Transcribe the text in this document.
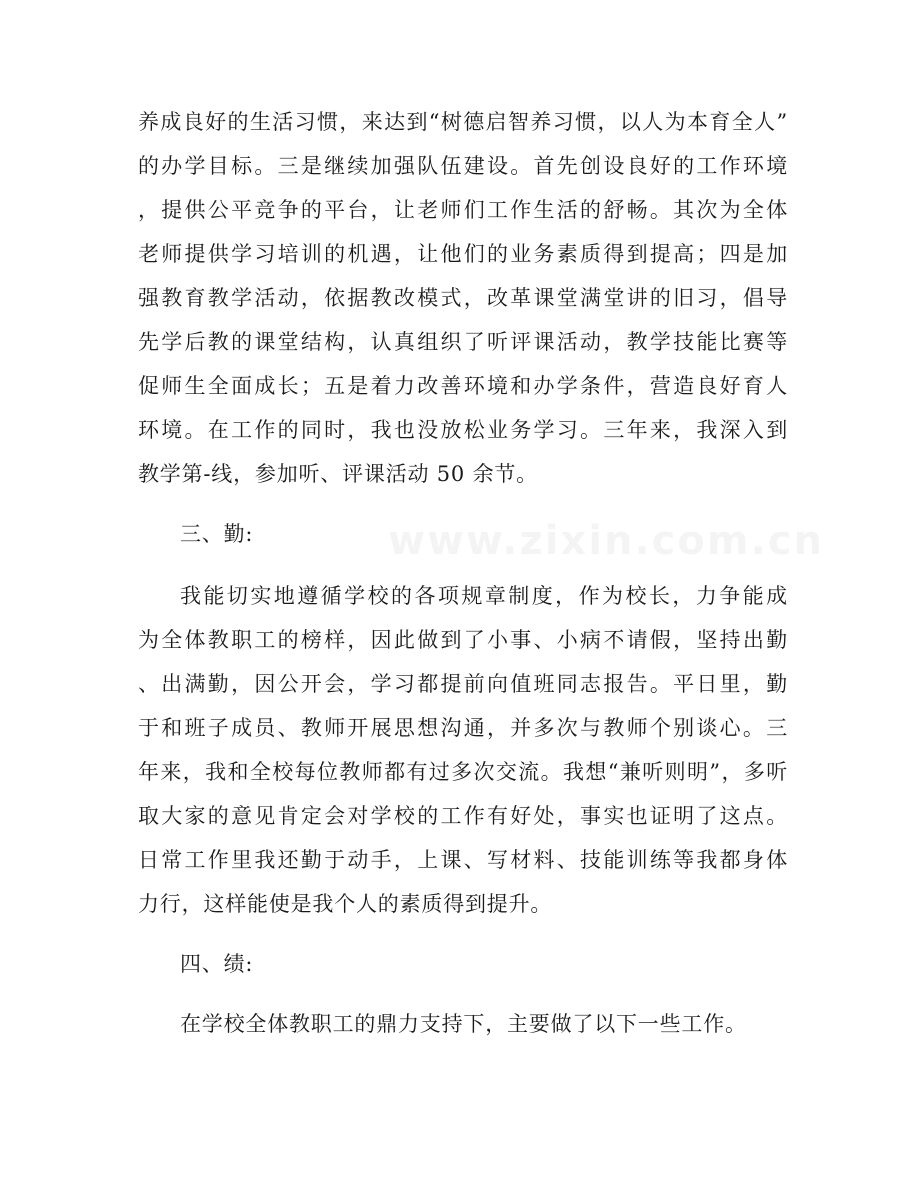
养成良好的生活习惯，来达到“树德启智养习惯，以人为本育全人”
的办学目标。三是继续加强队伍建设。首先创设良好的工作环境
，提供公平竞争的平台，让老师们工作生活的舒畅。其次为全体
老师提供学习培训的机遇，让他们的业务素质得到提高；四是加
强教育教学活动，依据教改模式，改革课堂满堂讲的旧习，倡导
先学后教的课堂结构，认真组织了听评课活动，教学技能比赛等
促师生全面成长；五是着力改善环境和办学条件，营造良好育人
环境。在工作的同时，我也没放松业务学习。三年来，我深入到
教学第-线，参加听、评课活动 50 余节。
三、勤:
我能切实地遵循学校的各项规章制度，作为校长，力争能成
为全体教职工的榜样，因此做到了小事、小病不请假，坚持出勤
、出满勤，因公开会，学习都提前向值班同志报告。平日里，勤
于和班子成员、教师开展思想沟通，并多次与教师个别谈心。三
年来，我和全校每位教师都有过多次交流。我想“兼听则明”，多听
取大家的意见肯定会对学校的工作有好处，事实也证明了这点。
日常工作里我还勤于动手，上课、写材料、技能训练等我都身体
力行，这样能使是我个人的素质得到提升。
四、绩:
在学校全体教职工的鼎力支持下，主要做了以下一些工作。
